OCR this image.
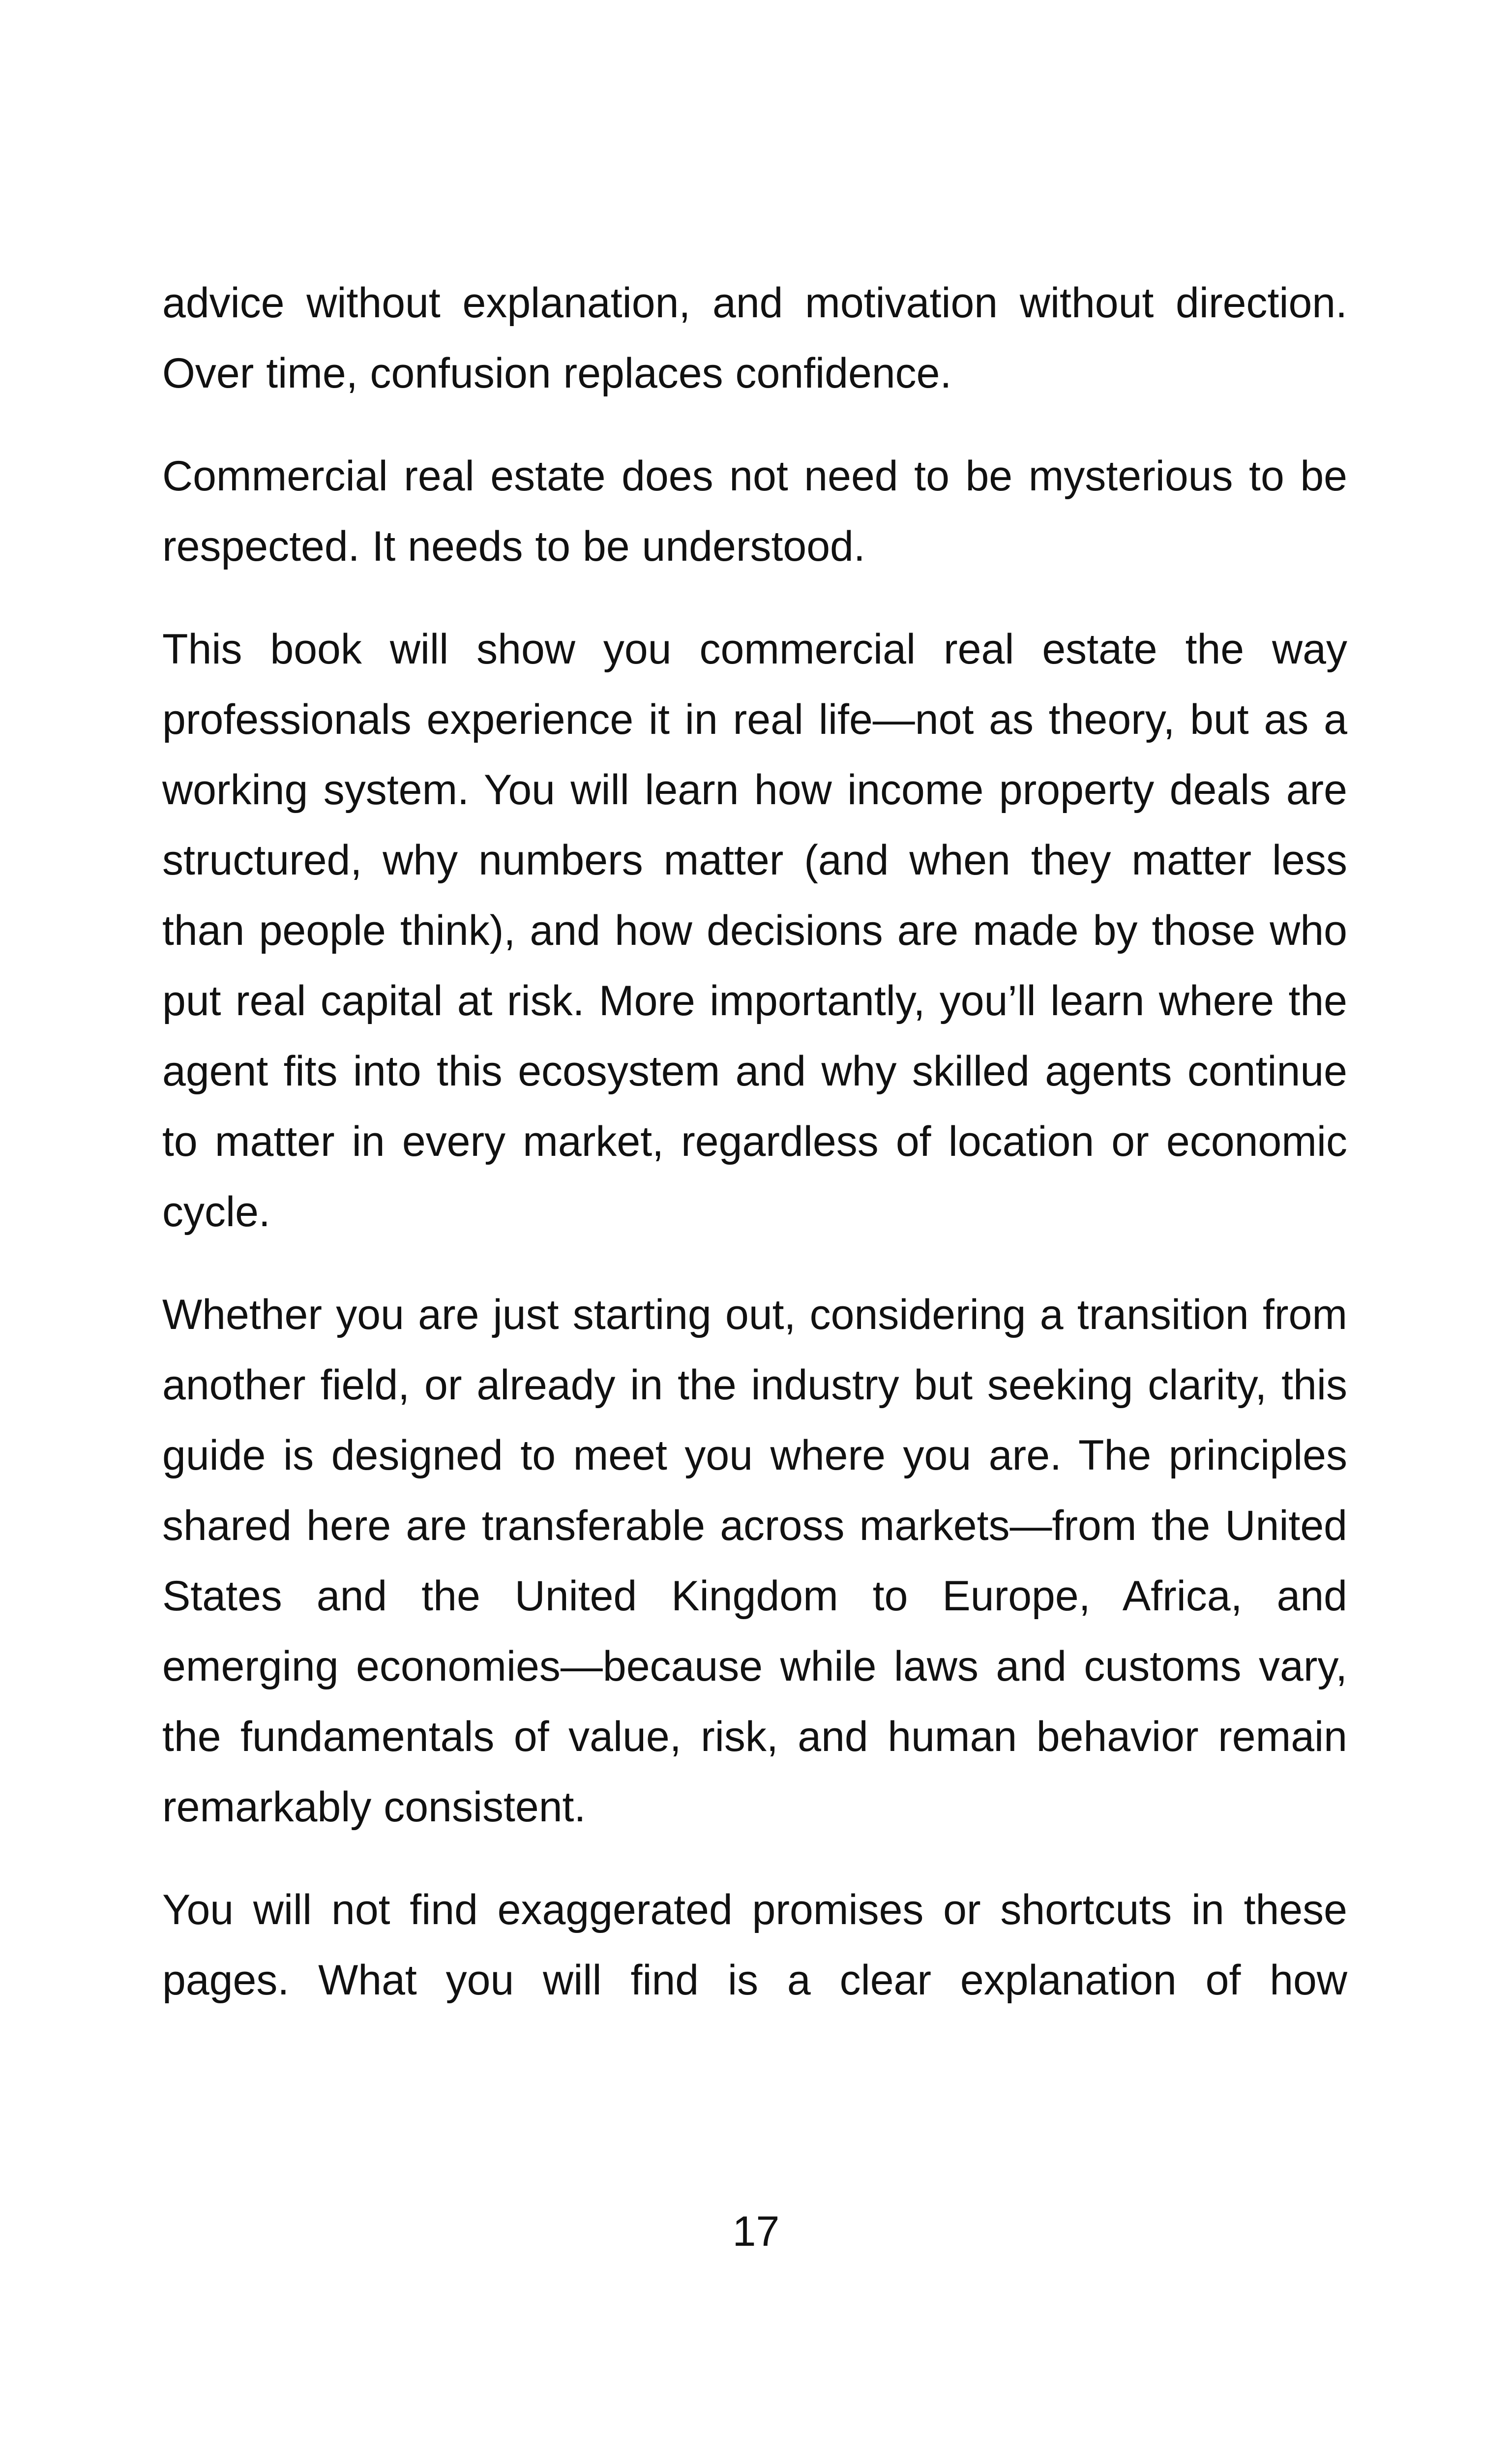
advice without explanation, and motivation without direction. Over time, confusion replaces confidence.

Commercial real estate does not need to be mysterious to be respected. It needs to be understood.

This book will show you commercial real estate the way professionals experience it in real life—not as theory, but as a working system. You will learn how income property deals are structured, why numbers matter (and when they matter less than people think), and how decisions are made by those who put real capital at risk. More importantly, you’ll learn where the agent fits into this ecosystem and why skilled agents continue to matter in every market, regardless of location or economic cycle.

Whether you are just starting out, considering a transition from another field, or already in the industry but seeking clarity, this guide is designed to meet you where you are. The principles shared here are transferable across markets—from the United States and the United Kingdom to Europe, Africa, and emerging economies—because while laws and customs vary, the fundamentals of value, risk, and human behavior remain remarkably consistent.

You will not find exaggerated promises or shortcuts in these pages. What you will find is a clear explanation of how

17
